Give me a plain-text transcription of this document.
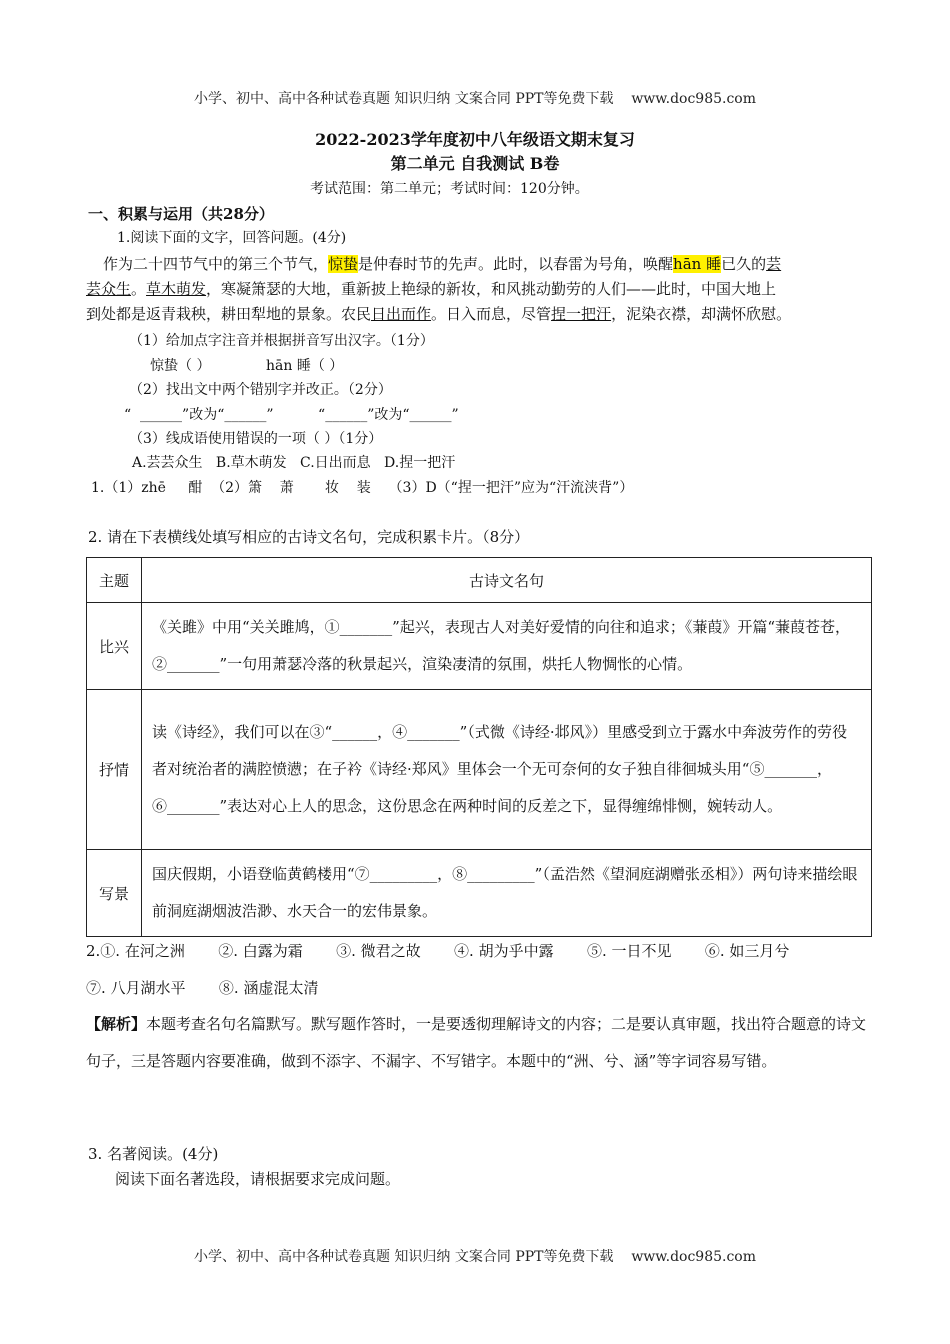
小学、初中、高中各种试卷真题 知识归纳 文案合同 PPT等免费下载 www.doc985.com
2022-2023学年度初中八年级语文期末复习
第二单元 自我测试 B卷
考试范围：第二单元；考试时间：120分钟。
一、积累与运用（共28分）
1.阅读下面的文字，回答问题。(4分)
作为二十四节气中的第三个节气，惊蛰是仲春时节的先声。此时，以春雷为号角，唤醒hān 睡已久的芸
芸众生。草木萌发，寒凝箫瑟的大地，重新披上艳绿的新妆，和风挑动勤劳的人们——此时，中国大地上
到处都是返青栽秧，耕田犁地的景象。农民日出而作。日入而息，尽管捏一把汗，泥染衣襟，却满怀欣慰。
（1）给加点字注音并根据拼音写出汉字。（1分）
惊蛰（ ）	hān 睡（ ）
（2）找出文中两个错别字并改正。（2分）
“  ______”改为“______”          “______”改为“______”
（3）线成语使用错误的一项（ ）（1分）
A.芸芸众生   B.草木萌发   C.日出而息   D.捏一把汗
1.（1）zhē     酣  （2）箫    萧       妆    装    （3）D（“捏一把汗”应为“汗流浃背”）
2. 请在下表横线处填写相应的古诗文名句，完成积累卡片。（8分）
主题	古诗文名句
比兴	《关雎》中用“关关雎鸠，①_______”起兴，表现古人对美好爱情的向往和追求；《蒹葭》开篇“蒹葭苍苍，②_______”一句用萧瑟冷落的秋景起兴，渲染凄清的氛围，烘托人物惆怅的心情。
抒情	读《诗经》，我们可以在③“______，④_______”（式微《诗经·邶风》）里感受到立于露水中奔波劳作的劳役者对统治者的满腔愤懑；在子衿《诗经·郑风》里体会一个无可奈何的女子独自徘徊城头用“⑤_______，⑥_______”表达对心上人的思念，这份思念在两种时间的反差之下，显得缠绵悱恻，婉转动人。
写景	国庆假期，小语登临黄鹤楼用“⑦_________，⑧_________”（孟浩然《望洞庭湖赠张丞相》）两句诗来描绘眼前洞庭湖烟波浩渺、水天合一的宏伟景象。
2.①. 在河之洲       ②. 白露为霜       ③. 微君之故       ④. 胡为乎中露       ⑤. 一日不见       ⑥. 如三月兮
⑦. 八月湖水平       ⑧. 涵虚混太清
【解析】本题考查名句名篇默写。默写题作答时，一是要透彻理解诗文的内容；二是要认真审题，找出符合题意的诗文句子，三是答题内容要准确，做到不添字、不漏字、不写错字。本题中的“洲、兮、涵”等字词容易写错。
3. 名著阅读。(4分)
阅读下面名著选段，请根据要求完成问题。
小学、初中、高中各种试卷真题 知识归纳 文案合同 PPT等免费下载 www.doc985.com
